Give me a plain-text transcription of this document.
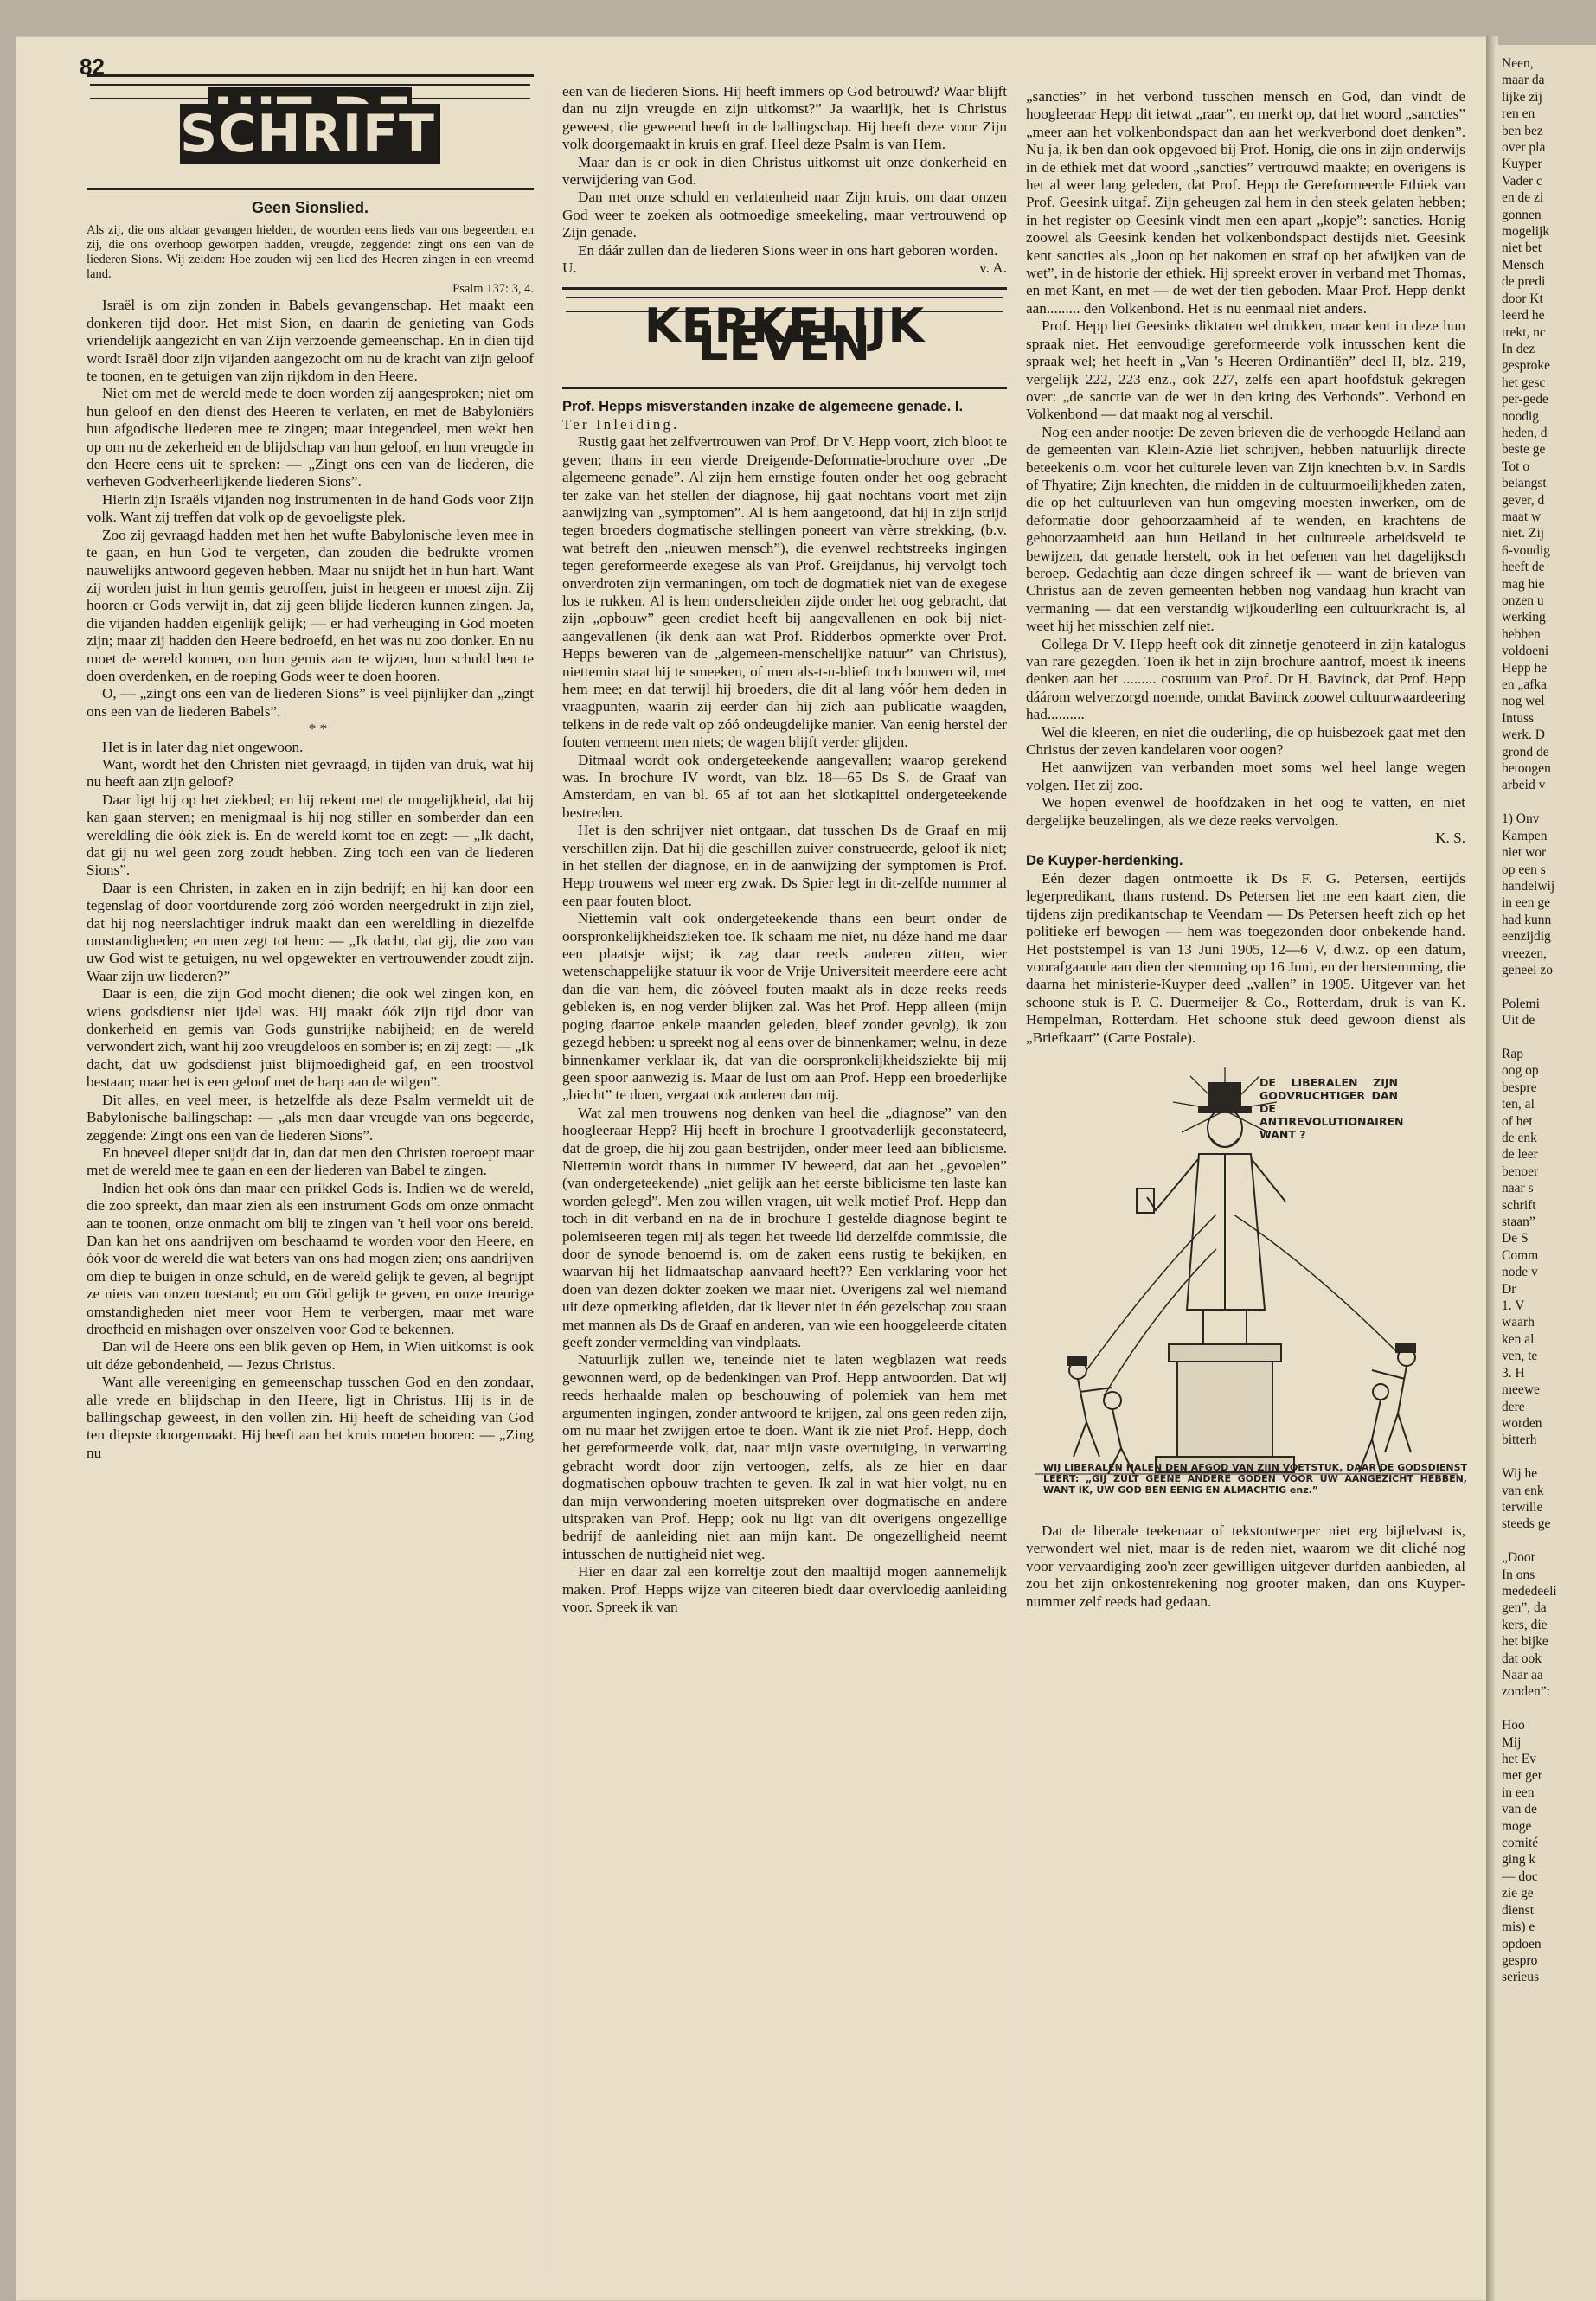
82
UIT DE SCHRIFT
Geen Sionslied.

Als zij, die ons aldaar gevangen hielden, de woorden eens lieds van ons begeerden, en zij, die ons overhoop geworpen hadden, vreugde, zeggende: zingt ons een van de liederen Sions. Wij zeiden: Hoe zouden wij een lied des Heeren zingen in een vreemd land.

Psalm 137: 3, 4.

Israël is om zijn zonden in Babels gevangenschap. Het maakt een donkeren tijd door. Het mist Sion, en daarin de genieting van Gods vriendelijk aangezicht en van Zijn verzoende gemeenschap. En in dien tijd wordt Israël door zijn vijanden aangezocht om nu de kracht van zijn geloof te toonen, en te getuigen van zijn rijkdom in den Heere.

Niet om met de wereld mede te doen worden zij aangesproken; niet om hun geloof en den dienst des Heeren te verlaten, en met de Babyloniërs hun afgodische liederen mee te zingen; maar integendeel, men wekt hen op om nu de zekerheid en de blijdschap van hun geloof, en hun vreugde in den Heere eens uit te spreken: — „Zingt ons een van de liederen, die verheven Godverheerlijkende liederen Sions”.

Hierin zijn Israëls vijanden nog instrumenten in de hand Gods voor Zijn volk. Want zij treffen dat volk op de gevoeligste plek.

Zoo zij gevraagd hadden met hen het wufte Babylonische leven mee in te gaan, en hun God te vergeten, dan zouden die bedrukte vromen nauwelijks antwoord gegeven hebben. Maar nu snijdt het in hun hart. Want zij worden juist in hun gemis getroffen, juist in hetgeen er moest zijn. Zij hooren er Gods verwijt in, dat zij geen blijde liederen kunnen zingen. Ja, die vijanden hadden eigenlijk gelijk; — er had verheuging in God moeten zijn; maar zij hadden den Heere bedroefd, en het was nu zoo donker. En nu moet de wereld komen, om hun gemis aan te wijzen, hun schuld hen te doen overdenken, en de roeping Gods weer te doen hooren.

O, — „zingt ons een van de liederen Sions” is veel pijnlijker dan „zingt ons een van de liederen Babels”.

* *

Het is in later dag niet ongewoon.

Want, wordt het den Christen niet gevraagd, in tijden van druk, wat hij nu heeft aan zijn geloof?

Daar ligt hij op het ziekbed; en hij rekent met de mogelijkheid, dat hij kan gaan sterven; en menigmaal is hij nog stiller en somberder dan een wereldling die óók ziek is. En de wereld komt toe en zegt: — „Ik dacht, dat gij nu wel geen zorg zoudt hebben. Zing toch een van de liederen Sions”.

Daar is een Christen, in zaken en in zijn bedrijf; en hij kan door een tegenslag of door voortdurende zorg zóó worden neergedrukt in zijn ziel, dat hij nog neerslachtiger indruk maakt dan een wereldling in diezelfde omstandigheden; en men zegt tot hem: — „Ik dacht, dat gij, die zoo van uw God wist te getuigen, nu wel opgewekter en vertrouwender zoudt zijn. Waar zijn uw liederen?”

Daar is een, die zijn God mocht dienen; die ook wel zingen kon, en wiens godsdienst niet ijdel was. Hij maakt óók zijn tijd door van donkerheid en gemis van Gods gunstrijke nabijheid; en de wereld verwondert zich, want hij zoo vreugdeloos en somber is; en zij zegt: — „Ik dacht, dat uw godsdienst juist blijmoedigheid gaf, en een troostvol bestaan; maar het is een geloof met de harp aan de wilgen”.

Dit alles, en veel meer, is hetzelfde als deze Psalm vermeldt uit de Babylonische ballingschap: — „als men daar vreugde van ons begeerde, zeggende: Zingt ons een van de liederen Sions”.

En hoeveel dieper snijdt dat in, dan dat men den Christen toeroept maar met de wereld mee te gaan en een der liederen van Babel te zingen.

Indien het ook óns dan maar een prikkel Gods is. Indien we de wereld, die zoo spreekt, dan maar zien als een instrument Gods om onze onmacht aan te toonen, onze onmacht om blij te zingen van 't heil voor ons bereid. Dan kan het ons aandrijven om beschaamd te worden voor den Heere, en óók voor de wereld die wat beters van ons had mogen zien; ons aandrijven om diep te buigen in onze schuld, en de wereld gelijk te geven, al begrijpt ze niets van onzen toestand; en om Göd gelijk te geven, en onze treurige omstandigheden niet meer voor Hem te verbergen, maar met ware droefheid en mishagen over onszelven voor God te bekennen.

Dan wil de Heere ons een blik geven op Hem, in Wien uitkomst is ook uit déze gebondenheid, — Jezus Christus.

Want alle vereeniging en gemeenschap tusschen God en den zondaar, alle vrede en blijdschap in den Heere, ligt in Christus. Hij is in de ballingschap geweest, in den vollen zin. Hij heeft de scheiding van God ten diepste doorgemaakt. Hij heeft aan het kruis moeten hooren: — „Zing nu

een van de liederen Sions. Hij heeft immers op God betrouwd? Waar blijft dan nu zijn vreugde en zijn uitkomst?” Ja waarlijk, het is Christus geweest, die geweend heeft in de ballingschap. Hij heeft deze voor Zijn volk doorgemaakt in kruis en graf. Heel deze Psalm is van Hem.

Maar dan is er ook in dien Christus uitkomst uit onze donkerheid en verwijdering van God.

Dan met onze schuld en verlatenheid naar Zijn kruis, om daar onzen God weer te zoeken als ootmoedige smeekeling, maar vertrouwend op Zijn genade.

En dáár zullen dan de liederen Sions weer in ons hart geboren worden.

U.	v. A.

KERKELIJK LEVEN

Prof. Hepps misverstanden inzake de algemeene genade. I.

Ter Inleiding.

Rustig gaat het zelfvertrouwen van Prof. Dr V. Hepp voort, zich bloot te geven; thans in een vierde Dreigende-Deformatie-brochure over „De algemeene genade”. Al zijn hem ernstige fouten onder het oog gebracht ter zake van het stellen der diagnose, hij gaat nochtans voort met zijn aanwijzing van „symptomen”. Al is hem aangetoond, dat hij in zijn strijd tegen broeders dogmatische stellingen poneert van vèrre strekking, (b.v. wat betreft den „nieuwen mensch”), die evenwel rechtstreeks ingingen tegen gereformeerde exegese als van Prof. Greijdanus, hij vervolgt toch onverdroten zijn vermaningen, om toch de dogmatiek niet van de exegese los te rukken. Al is hem onderscheiden zijde onder het oog gebracht, dat zijn „opbouw” geen crediet heeft bij aangevallenen en ook bij niet-aangevallenen (ik denk aan wat Prof. Ridderbos opmerkte over Prof. Hepps beweren van de „algemeen-menschelijke natuur” van Christus), niettemin staat hij te smeeken, of men als-t-u-blieft toch bouwen wil, met hem mee; en dat terwijl hij broeders, die dit al lang vóór hem deden in vraagpunten, waarin zij eerder dan hij zich aan publicatie waagden, telkens in de rede valt op zóó ondeugdelijke manier. Van eenig herstel der fouten verneemt men niets; de wagen blijft verder glijden.

Ditmaal wordt ook ondergeteekende aangevallen; waarop gerekend was. In brochure IV wordt, van blz. 18—65 Ds S. de Graaf van Amsterdam, en van bl. 65 af tot aan het slotkapittel ondergeteekende bestreden.

Het is den schrijver niet ontgaan, dat tusschen Ds de Graaf en mij verschillen zijn. Dat hij die geschillen zuiver construeerde, geloof ik niet; in het stellen der diagnose, en in de aanwijzing der symptomen is Prof. Hepp trouwens wel meer erg zwak. Ds Spier legt in dit-zelfde nummer al een paar fouten bloot.

Niettemin valt ook ondergeteekende thans een beurt onder de oorspronkelijkheidszieken toe. Ik schaam me niet, nu déze hand me daar een plaatsje wijst; ik zag daar reeds anderen zitten, wier wetenschappelijke statuur ik voor de Vrije Universiteit meerdere eere acht dan die van hem, die zóóveel fouten maakt als in deze reeks reeds gebleken is, en nog verder blijken zal. Was het Prof. Hepp alleen (mijn poging daartoe enkele maanden geleden, bleef zonder gevolg), ik zou gezegd hebben: u spreekt nog al eens over de binnenkamer; welnu, in deze binnenkamer verklaar ik, dat van die oorspronkelijkheidsziekte bij mij geen spoor aanwezig is. Maar de lust om aan Prof. Hepp een broederlijke „biecht” te doen, vergaat ook anderen dan mij.

Wat zal men trouwens nog denken van heel die „diagnose” van den hoogleeraar Hepp? Hij heeft in brochure I grootvaderlijk geconstateerd, dat de groep, die hij zou gaan bestrijden, onder meer leed aan biblicisme. Niettemin wordt thans in nummer IV beweerd, dat aan het „gevoelen” (van ondergeteekende) „niet gelijk aan het eerste biblicisme ten laste kan worden gelegd”. Men zou willen vragen, uit welk motief Prof. Hepp dan toch in dit verband en na de in brochure I gestelde diagnose begint te polemiseeren tegen mij als tegen het tweede lid derzelfde commissie, die door de synode benoemd is, om de zaken eens rustig te bekijken, en waarvan hij het lidmaatschap aanvaard heeft?? Een verklaring voor het doen van dezen dokter zoeken we maar niet. Overigens zal wel niemand uit deze opmerking afleiden, dat ik liever niet in één gezelschap zou staan met mannen als Ds de Graaf en anderen, van wie een hooggeleerde citaten geeft zonder vermelding van vindplaats.

Natuurlijk zullen we, teneinde niet te laten wegblazen wat reeds gewonnen werd, op de bedenkingen van Prof. Hepp antwoorden. Dat wij reeds herhaalde malen op beschouwing of polemiek van hem met argumenten ingingen, zonder antwoord te krijgen, zal ons geen reden zijn, om nu maar het zwijgen ertoe te doen. Want ik zie niet Prof. Hepp, doch het gereformeerde volk, dat, naar mijn vaste overtuiging, in verwarring gebracht wordt door zijn vertoogen, zelfs, als ze hier en daar dogmatischen opbouw trachten te geven. Ik zal in wat hier volgt, nu en dan mijn verwondering moeten uitspreken over dogmatische en andere uitspraken van Prof. Hepp; ook nu ligt van dit overigens ongezellige bedrijf de aanleiding niet aan mijn kant. De ongezelligheid neemt intusschen de nuttigheid niet weg.

Hier en daar zal een korreltje zout den maaltijd mogen aannemelijk maken. Prof. Hepps wijze van citeeren biedt daar overvloedig aanleiding voor. Spreek ik van

„sancties” in het verbond tusschen mensch en God, dan vindt de hoogleeraar Hepp dit ietwat „raar”, en merkt op, dat het woord „sancties” „meer aan het volkenbondspact dan aan het werkverbond doet denken”. Nu ja, ik ben dan ook opgevoed bij Prof. Honig, die ons in zijn onderwijs in de ethiek met dat woord „sancties” vertrouwd maakte; en overigens is het al weer lang geleden, dat Prof. Hepp de Gereformeerde Ethiek van Prof. Geesink uitgaf. Zijn geheugen zal hem in den steek gelaten hebben; in het register op Geesink vindt men een apart „kopje”: sancties. Honig zoowel als Geesink kenden het volkenbondspact destijds niet. Geesink kent sancties als „loon op het nakomen en straf op het afwijken van de wet”, in de historie der ethiek. Hij spreekt erover in verband met Thomas, en met Kant, en met — de wet der tien geboden. Maar Prof. Hepp denkt aan......... den Volkenbond. Het is nu eenmaal niet anders.

Prof. Hepp liet Geesinks diktaten wel drukken, maar kent in deze hun spraak niet. Het eenvoudige gereformeerde volk intusschen kent die spraak wel; het heeft in „Van 's Heeren Ordinantiën” deel II, blz. 219, vergelijk 222, 223 enz., ook 227, zelfs een apart hoofdstuk gekregen over: „de sanctie van de wet in den kring des Verbonds”. Verbond en Volkenbond — dat maakt nog al verschil.

Nog een ander nootje: De zeven brieven die de verhoogde Heiland aan de gemeenten van Klein-Azië liet schrijven, hebben natuurlijk directe beteekenis o.m. voor het culturele leven van Zijn knechten b.v. in Sardis of Thyatire; Zijn knechten, die midden in de cultuurmoeilijkheden zaten, die op het cultuurleven van hun omgeving moesten inwerken, om de deformatie door gehoorzaamheid af te wenden, en krachtens de gehoorzaamheid aan hun Heiland in het cultureele arbeidsveld te bewijzen, dat genade herstelt, ook in het oefenen van het dagelijksch beroep. Gedachtig aan deze dingen schreef ik — want de brieven van Christus aan de zeven gemeenten hebben nog vandaag hun kracht van vermaning — dat een verstandig wijkouderling een cultuurkracht is, al weet hij het misschien zelf niet.

Collega Dr V. Hepp heeft ook dit zinnetje genoteerd in zijn katalogus van rare gezegden. Toen ik het in zijn brochure aantrof, moest ik ineens denken aan het ......... costuum van Prof. Dr H. Bavinck, dat Prof. Hepp dáárom welverzorgd noemde, omdat Bavinck zoowel cultuurwaardeering had..........

Wel die kleeren, en niet die ouderling, die op huisbezoek gaat met den Christus der zeven kandelaren voor oogen?

Het aanwijzen van verbanden moet soms wel heel lange wegen volgen. Het zij zoo.

We hopen evenwel de hoofdzaken in het oog te vatten, en niet dergelijke beuzelingen, als we deze reeks vervolgen.

K. S.

De Kuyper-herdenking.

Eén dezer dagen ontmoette ik Ds F. G. Petersen, eertijds legerpredikant, thans rustend. Ds Petersen liet me een kaart zien, die tijdens zijn predikantschap te Veendam — Ds Petersen heeft zich op het politieke erf bewogen — hem was toegezonden door onbekende hand. Het poststempel is van 13 Juni 1905, 12—6 V, d.w.z. op een datum, voorafgaande aan dien der stemming op 16 Juni, en der herstemming, die daarna het ministerie-Kuyper deed „vallen” in 1905. Uitgever van het schoone stuk is P. C. Duermeijer & Co., Rotterdam, druk is van K. Hempelman, Rotterdam. Het schoone stuk deed gewoon dienst als „Briefkaart” (Carte Postale).

DE LIBERALEN ZIJN GODVRUCHTIGER DAN DE ANTIREVOLUTIONAIREN WANT ?
WIJ LIBERALEN HALEN DEN AFGOD VAN ZIJN VOETSTUK, DAAR DE GODSDIENST LEERT: „GIJ ZULT GEENE ANDERE GODEN VOOR UW AANGEZICHT HEBBEN, WANT IK, UW GOD BEN EENIG EN ALMACHTIG enz.”

Dat de liberale teekenaar of tekstontwerper niet erg bijbelvast is, verwondert wel niet, maar is de reden niet, waarom we dit cliché nog voor vervaardiging zoo'n zeer gewilligen uitgever durfden aanbieden, al zou het zijn onkostenrekening nog grooter maken, dan ons Kuyper-nummer zelf reeds had gedaan.

Neen,

maar da

lijke zij

ren en

ben bez

over pla

Kuyper

Vader c

en de zi

gonnen

mogelijk

niet bet

Mensch

de predi

door Kt

leerd he

trekt, nc

In dez

gesproke

het gesc

per-gede

noodig

heden, d

beste ge

Tot o

belangst

gever, d

maat w

niet. Zij

6-voudig

heeft de

mag hie

onzen u

werking

hebben

voldoeni

Hepp he

en „afka

nog wel

Intuss

werk. D

grond de

betoogen

arbeid v

1) Onv

Kampen

niet wor

op een s

handelwij

in een ge

had kunn

eenzijdig

vreezen,

geheel zo

Polemi

Uit de

Rap

oog op

bespre

ten, al

of het

de enk

de leer

benoer

naar s

schrift

staan”

De S

Comm

node v

Dr

1. V

waarh

ken al

ven, te

3. H

meewe

dere

worden

bitterh

Wij he

van enk

terwille

steeds ge

„Door

In ons

mededeeli

gen”, da

kers, die

het bijke

dat ook

Naar aa

zonden”:

Hoo

Mij

het Ev

met ger

in een

van de

moge

comité

ging k

— doc

zie ge

dienst

mis) e

opdoen

gespro

serieus
